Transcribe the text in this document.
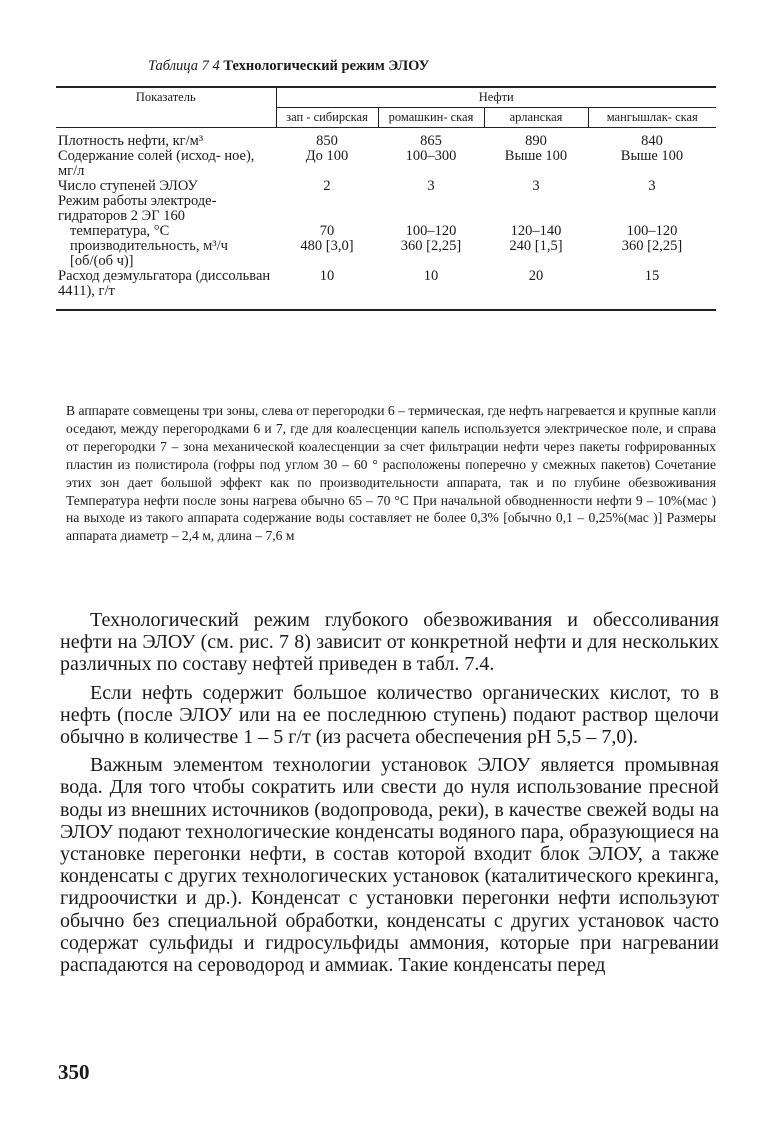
Таблица 7 4 Технологический режим ЭЛОУ
Показатель	Нефти			
	зап - сибирская	ромашкин- ская	арланская	мангышлак- ская
Плотность нефти, кг/м³	850	865	890	840
Содержание солей (исход- ное), мг/л	До 100	100–300	Выше 100	Выше 100
Число ступеней ЭЛОУ	2	3	3	3
Режим работы электроде- гидраторов 2 ЭГ 160				
температура, °С	70	100–120	120–140	100–120
производительность, м³/ч [об/(об ч)]	480 [3,0]	360 [2,25]	240 [1,5]	360 [2,25]
Расход деэмульгатора (диссольван 4411), г/т	10	10	20	15
В аппарате совмещены три зоны, слева от перегородки 6 – термическая, где нефть нагревается и крупные капли оседают, между перегородками 6 и 7, где для коалесценции капель используется электрическое поле, и справа от перегородки 7 – зона механической коалесценции за счет фильтрации нефти через пакеты гофрированных пластин из полистирола (гофры под углом 30 – 60 ° расположены поперечно у смежных пакетов) Сочетание этих зон дает большой эффект как по производительности аппарата, так и по глубине обезвоживания Температура нефти после зоны нагрева обычно 65 – 70 °С При начальной обводненности нефти 9 – 10%(мас ) на выходе из такого аппарата содержание воды составляет не более 0,3% [обычно 0,1 – 0,25%(мас )] Размеры аппарата диаметр – 2,4 м, длина – 7,6 м

Технологический режим глубокого обезвоживания и обессоливания нефти на ЭЛОУ (см. рис. 7 8) зависит от конкретной нефти и для нескольких различных по составу нефтей приведен в табл. 7.4.

Если нефть содержит большое количество органических кислот, то в нефть (после ЭЛОУ или на ее последнюю ступень) подают раствор щелочи обычно в количестве 1 – 5 г/т (из расчета обеспечения pH 5,5 – 7,0).

Важным элементом технологии установок ЭЛОУ является промывная вода. Для того чтобы сократить или свести до нуля использование пресной воды из внешних источников (водопровода, реки), в качестве свежей воды на ЭЛОУ подают технологические конденсаты водяного пара, образующиеся на установке перегонки нефти, в состав которой входит блок ЭЛОУ, а также конденсаты с других технологических установок (каталитического крекинга, гидроочистки и др.). Конденсат с установки перегонки нефти используют обычно без специальной обработки, конденсаты с других установок часто содержат сульфиды и гидросульфиды аммония, которые при нагревании распадаются на сероводород и аммиак. Такие конденсаты перед

350
